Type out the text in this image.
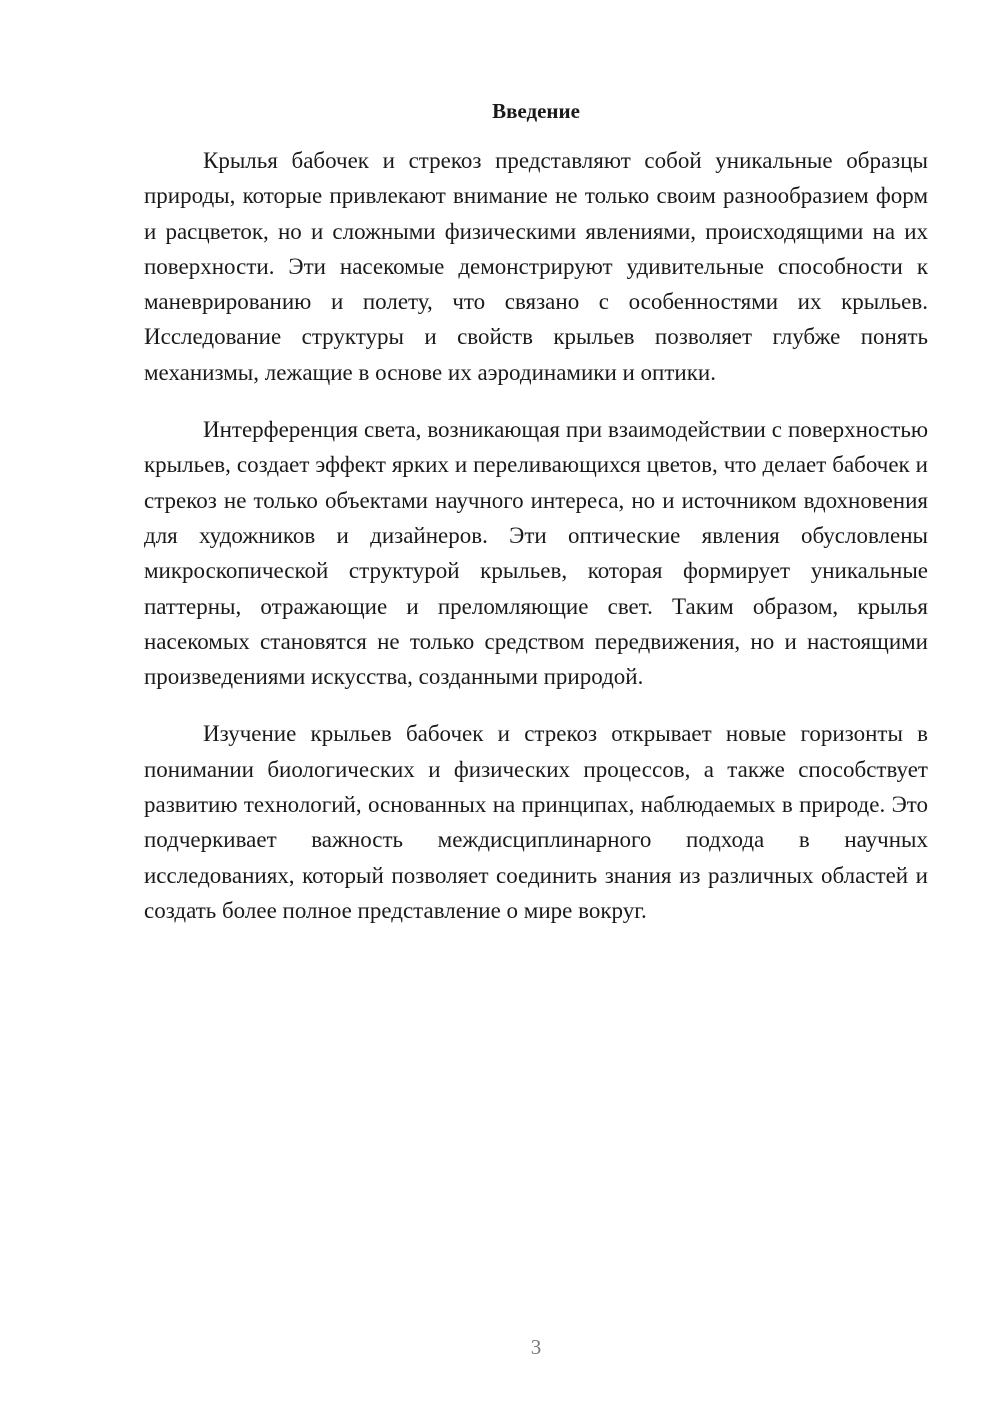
Введение

Крылья бабочек и стрекоз представляют собой уникальные образцы природы, которые привлекают внимание не только своим разнообразием форм и расцветок, но и сложными физическими явлениями, происходящими на их поверхности. Эти насекомые демонстрируют удивительные способности к маневрированию и полету, что связано с особенностями их крыльев. Исследование структуры и свойств крыльев позволяет глубже понять механизмы, лежащие в основе их аэродинамики и оптики.

Интерференция света, возникающая при взаимодействии с поверхностью крыльев, создает эффект ярких и переливающихся цветов, что делает бабочек и стрекоз не только объектами научного интереса, но и источником вдохновения для художников и дизайнеров. Эти оптические явления обусловлены микроскопической структурой крыльев, которая формирует уникальные паттерны, отражающие и преломляющие свет. Таким образом, крылья насекомых становятся не только средством передвижения, но и настоящими произведениями искусства, созданными природой.

Изучение крыльев бабочек и стрекоз открывает новые горизонты в понимании биологических и физических процессов, а также способствует развитию технологий, основанных на принципах, наблюдаемых в природе. Это подчеркивает важность междисциплинарного подхода в научных исследованиях, который позволяет соединить знания из различных областей и создать более полное представление о мире вокруг.

3
